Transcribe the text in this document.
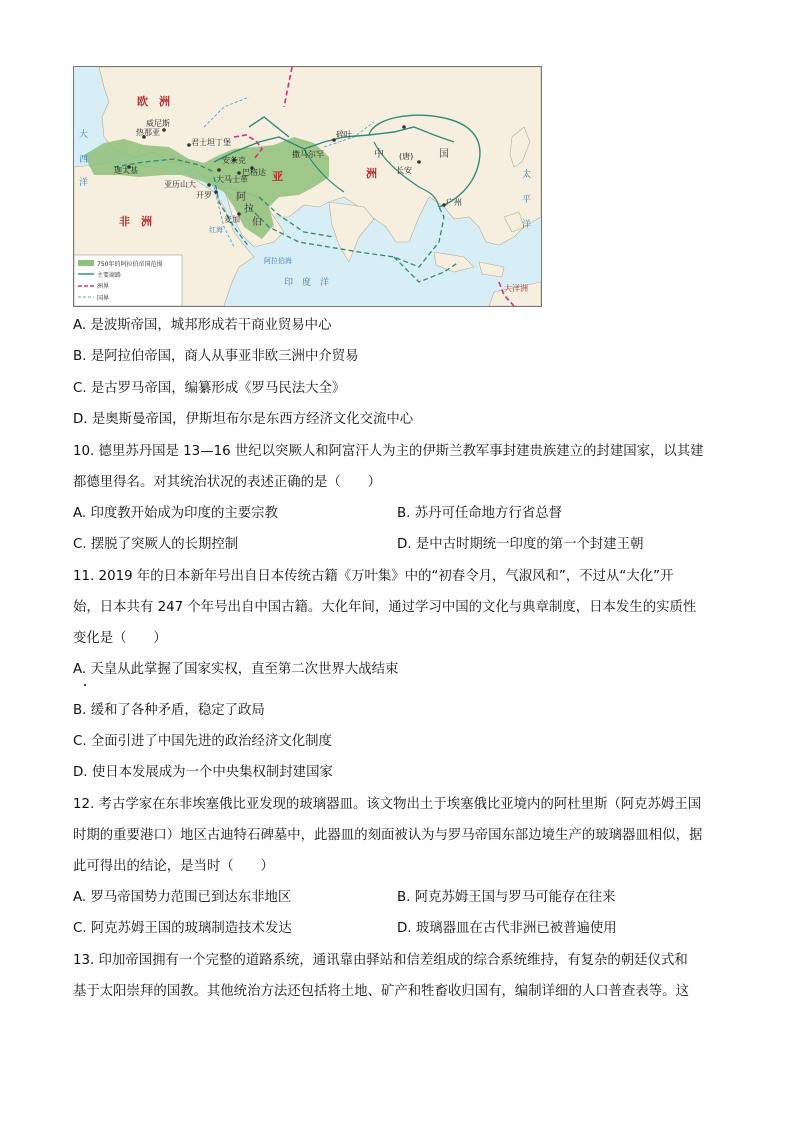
热那亚
威尼斯
君士坦丁堡
安条克
迦太基
大马士革
亚历山大
开罗
巴格达
麦加
撒马尔罕
碎叶
长安
广州
(唐)
红海
阿拉伯海
欧　洲
亚	洲
非　洲
中	国
阿
拉
伯
大
西
洋
太
平
洋
印　度　洋
大洋洲
750年的阿拉伯帝国范围
主要商路
洲界
国界
A. 是波斯帝国，城邦形成若干商业贸易中心
B. 是阿拉伯帝国，商人从事亚非欧三洲中介贸易
C. 是古罗马帝国，编纂形成《罗马民法大全》
D. 是奥斯曼帝国，伊斯坦布尔是东西方经济文化交流中心
10. 德里苏丹国是 13—16 世纪以突厥人和阿富汗人为主的伊斯兰教军事封建贵族建立的封建国家，以其建
都德里得名。对其统治状况的表述正确的是（　　）
A. 印度教开始成为印度的主要宗教	B. 苏丹可任命地方行省总督
C. 摆脱了突厥人的长期控制	D. 是中古时期统一印度的第一个封建王朝
11. 2019 年的日本新年号出自日本传统古籍《万叶集》中的“初春令月，气淑风和”，不过从“大化”开
始，日本共有 247 个年号出自中国古籍。大化年间，通过学习中国的文化与典章制度，日本发生的实质性
变化是（　　）
A. 天皇从此掌握了国家实权，直至第二次世界大战结束
B. 缓和了各种矛盾，稳定了政局
C. 全面引进了中国先进的政治经济文化制度
D. 使日本发展成为一个中央集权制封建国家
12. 考古学家在东非埃塞俄比亚发现的玻璃器皿。该文物出土于埃塞俄比亚境内的阿杜里斯（阿克苏姆王国
时期的重要港口）地区古迪特石碑墓中，此器皿的刻面被认为与罗马帝国东部边境生产的玻璃器皿相似，据
此可得出的结论，是当时（　　）
A. 罗马帝国势力范围已到达东非地区	B. 阿克苏姆王国与罗马可能存在往来
C. 阿克苏姆王国的玻璃制造技术发达	D. 玻璃器皿在古代非洲已被普遍使用
13. 印加帝国拥有一个完整的道路系统，通讯靠由驿站和信差组成的综合系统维持，有复杂的朝廷仪式和
基于太阳崇拜的国教。其他统治方法还包括将土地、矿产和牲畜收归国有，编制详细的人口普查表等。这
